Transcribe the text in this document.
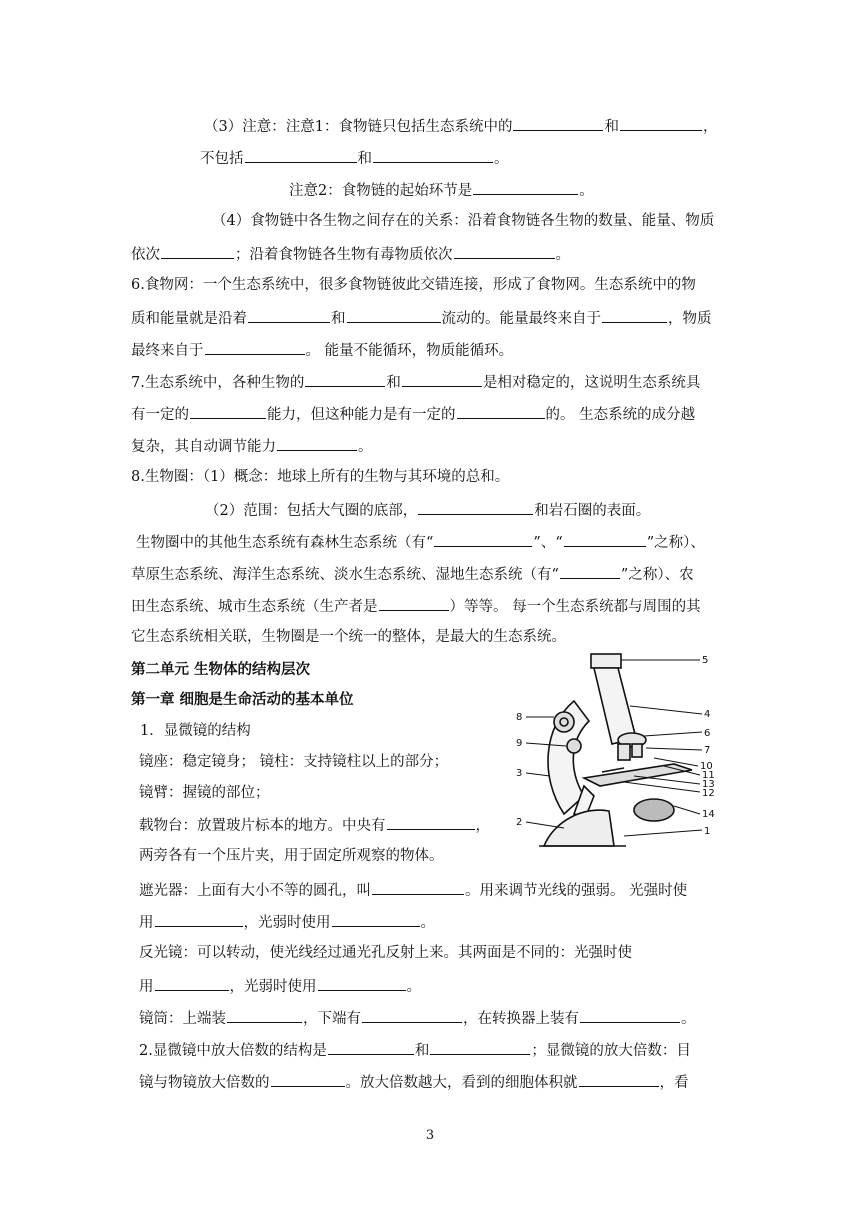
（3）注意：注意1：食物链只包括生态系统中的	和	，
不包括	和	。
注意2：食物链的起始环节是	。
（4）食物链中各生物之间存在的关系：沿着食物链各生物的数量、能量、物质
依次	；沿着食物链各生物有毒物质依次	。
6.食物网：一个生态系统中，很多食物链彼此交错连接，形成了食物网。生态系统中的物
质和能量就是沿着	和	流动的。能量最终来自于	，物质
最终来自于	。 能量不能循环，物质能循环。
7.生态系统中，各种生物的	和	是相对稳定的，这说明生态系统具
有一定的	能力，但这种能力是有一定的	的。 生态系统的成分越
复杂，其自动调节能力	。
8.生物圈：（1）概念：地球上所有的生物与其环境的总和。
（2）范围：包括大气圈的底部，	和岩石圈的表面。
生物圈中的其他生态系统有森林生态系统（有“	”、“	”之称）、
草原生态系统、海洋生态系统、淡水生态系统、湿地生态系统（有“	”之称）、农
田生态系统、城市生态系统（生产者是	）等等。 每一个生态系统都与周围的其
它生态系统相关联，生物圈是一个统一的整体，是最大的生态系统。
第二单元 生物体的结构层次
第一章 细胞是生命活动的基本单位
1．显微镜的结构
镜座：稳定镜身； 镜柱：支持镜柱以上的部分；
镜臂：握镜的部位；
载物台：放置玻片标本的地方。中央有	，
两旁各有一个压片夹，用于固定所观察的物体。
遮光器：上面有大小不等的圆孔，叫	。用来调节光线的强弱。 光强时使
用	，光弱时使用	。
反光镜：可以转动，使光线经过通光孔反射上来。其两面是不同的：光强时使
用	，光弱时使用	。
镜筒：上端装	，下端有	，在转换器上装有	。
2.显微镜中放大倍数的结构是	和	；显微镜的放大倍数：目
镜与物镜放大倍数的	。放大倍数越大，看到的细胞体积就	，看
5
4
6
7
10
11
13
12
14
1
8
9
3
2
3
